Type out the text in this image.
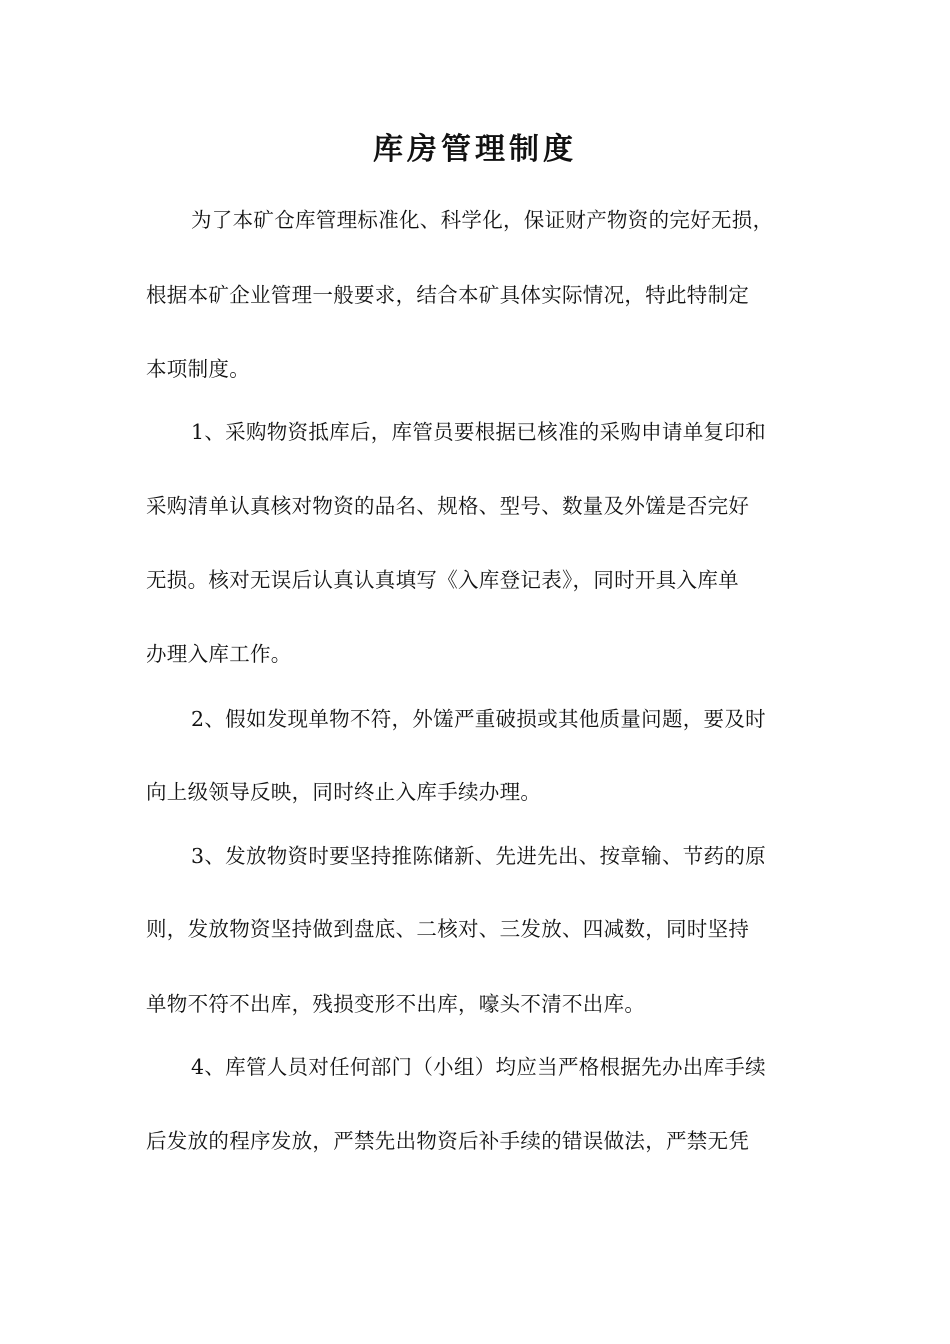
库房管理制度
为了本矿仓库管理标准化、科学化，保证财产物资的完好无损，
根据本矿企业管理一般要求，结合本矿具体实际情况，特此特制定
本项制度。
1、采购物资抵库后，库管员要根据已核准的采购申请单复印和
采购清单认真核对物资的品名、规格、型号、数量及外馐是否完好
无损。核对无误后认真认真填写《入库登记表》，同时开具入库单
办理入库工作。
2、假如发现单物不符，外馐严重破损或其他质量问题，要及时
向上级领导反映，同时终止入库手续办理。
3、发放物资时要坚持推陈储新、先进先出、按章输、节药的原
则，发放物资坚持做到盘底、二核对、三发放、四减数，同时坚持
单物不符不出库，残损变形不出库，嚎头不清不出库。
4、库管人员对任何部门（小组）均应当严格根据先办出库手续
后发放的程序发放，严禁先出物资后补手续的错误做法，严禁无凭
